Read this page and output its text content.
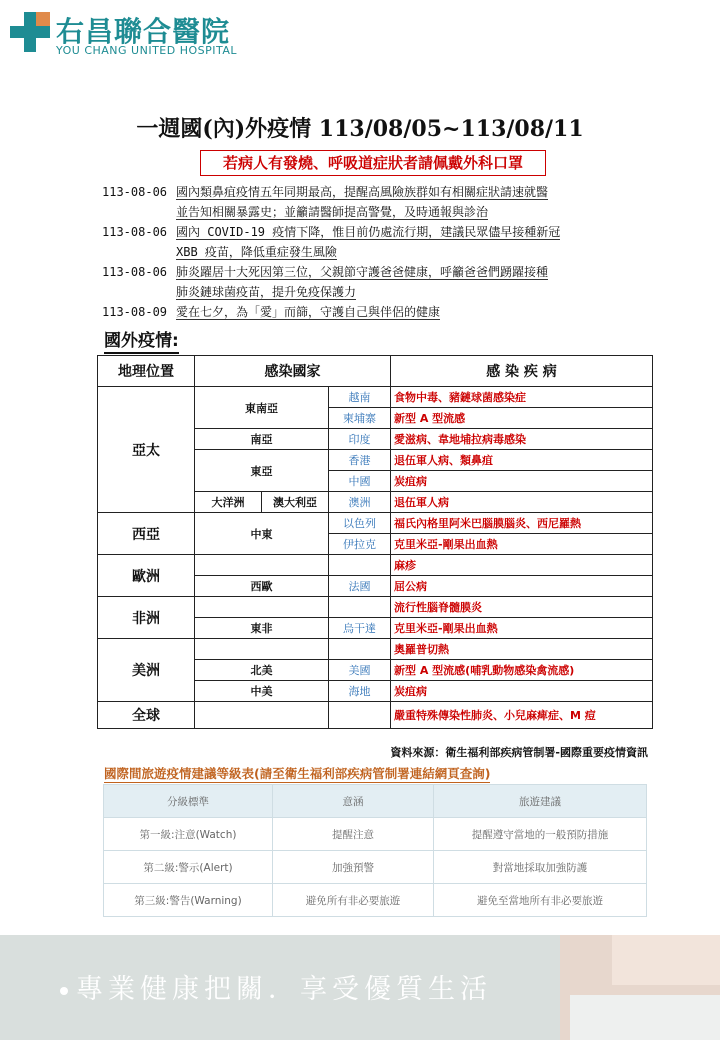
右昌聯合醫院
YOU CHANG UNITED HOSPITAL
一週國(內)外疫情 113/08/05~113/08/11
若病人有發燒、呼吸道症狀者請佩戴外科口罩
113-08-06 國內類鼻疽疫情五年同期最高，提醒高風險族群如有相關症狀請速就醫
並告知相關暴露史；並籲請醫師提高警覺，及時通報與診治
113-08-06 國內 COVID-19 疫情下降，惟目前仍處流行期，建議民眾儘早接種新冠
XBB 疫苗，降低重症發生風險
113-08-06 肺炎躍居十大死因第三位，父親節守護爸爸健康，呼籲爸爸們踴躍接種
肺炎鏈球菌疫苗，提升免疫保護力
113-08-09 愛在七夕，為「愛」而篩，守護自己與伴侶的健康
國外疫情:
地理位置	感染國家			感 染 疾 病
亞太	東南亞		越南	食物中毒、豬鏈球菌感染症
			柬埔寨	新型 A 型流感
	南亞		印度	愛滋病、韋地埔拉病毒感染
	東亞		香港	退伍軍人病、類鼻疽
			中國	炭疽病
	大洋洲	澳大利亞	澳洲	退伍軍人病
西亞	中東		以色列	福氏內格里阿米巴腦膜腦炎、西尼羅熱
			伊拉克	克里米亞-剛果出血熱
歐洲				麻疹
	西歐		法國	屈公病
非洲				流行性腦脊髓膜炎
	東非		烏干達	克里米亞-剛果出血熱
美洲				奧羅普切熱
	北美		美國	新型 A 型流感(哺乳動物感染禽流感)
	中美		海地	炭疽病
全球				嚴重特殊傳染性肺炎、小兒麻痺症、M 痘
資料來源：衛生福利部疾病管制署-國際重要疫情資訊
國際間旅遊疫情建議等級表(請至衛生福利部疾病管制署連結網頁查詢)
分級標準	意涵	旅遊建議
第一級:注意(Watch)	提醒注意	提醒遵守當地的一般預防措施
第二級:警示(Alert)	加強預警	對當地採取加強防護
第三級:警告(Warning)	避免所有非必要旅遊	避免至當地所有非必要旅遊
專業健康把關．享受優質生活
